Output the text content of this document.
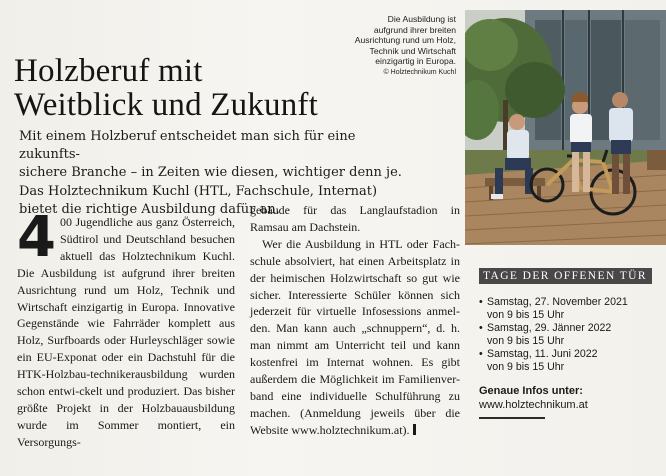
Die Ausbildung ist
aufgrund ihrer breiten
Ausrichtung rund um Holz,
Technik und Wirtschaft
einzigartig in Europa.
© Holztechnikum Kuchl
Holzberuf mit
Weitblick und Zukunft
Mit einem Holzberuf entscheidet man sich für eine zukunfts-
sichere Branche – in Zeiten wie diesen, wichtiger denn je.
Das Holztechnikum Kuchl (HTL, Fachschule, Internat)
bietet die richtige Ausbildung dafür an.
4 00 Jugendliche aus ganz Österreich, Südtirol und Deutschland besuchen aktuell das Holztechnikum Kuchl. Die Ausbildung ist aufgrund ihrer breiten Ausrichtung rund um Holz, Technik und Wirtschaft einzigartig in Europa. Innovative Gegenstände wie Fahrräder komplett aus Holz, Surfboards oder Hurleyschläger sowie ein EU-Exponat oder ein Dachstuhl für die HTK-Holzbau-technikerausbildung wurden schon entwi-ckelt und produziert. Das bisher größte Projekt in der Holzbauausbildung wurde im Sommer montiert, ein Versorgungs-

gebäude für das Langlaufstadion in Ramsau am Dachstein.

Wer die Ausbildung in HTL oder Fach-schule absolviert, hat einen Arbeitsplatz in der heimischen Holzwirtschaft so gut wie sicher. Interessierte Schüler können sich jederzeit für virtuelle Infosessions anmel-den. Man kann auch „schnuppern“, d. h. man nimmt am Unterricht teil und kann kostenfrei im Internat wohnen. Es gibt außerdem die Möglichkeit im Familienver-band eine individuelle Schulführung zu machen. (Anmeldung jeweils über die Website www.holztechnikum.at).

TAGE DER OFFENEN TÜR
• Samstag, 27. November 2021
von 9 bis 15 Uhr
• Samstag, 29. Jänner 2022
von 9 bis 15 Uhr
• Samstag, 11. Juni 2022
von 9 bis 15 Uhr
Genaue Infos unter:
www.holztechnikum.at
